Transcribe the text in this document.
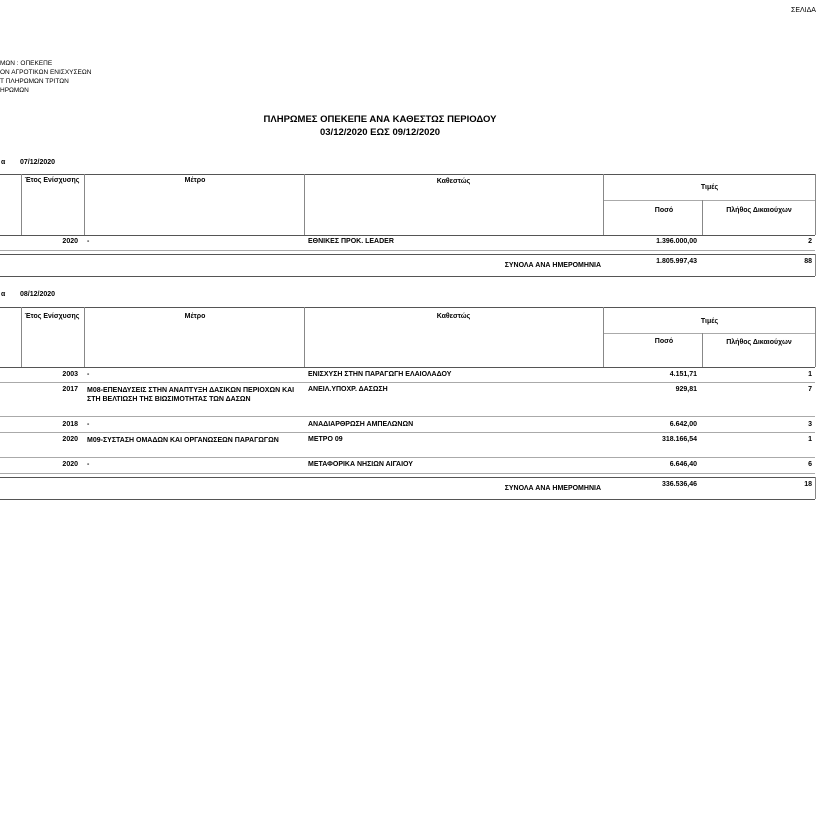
ΣΕΛΙΔΑ
ΜΩΝ : ΟΠΕΚΕΠΕ
ΟΝ ΑΓΡΟΤΙΚΩΝ ΕΝΙΣΧΥΣΕΩΝ
Τ ΠΛΗΡΩΜΩΝ ΤΡΙΤΩΝ
ΗΡΩΜΩΝ
ΠΛΗΡΩΜΕΣ ΟΠΕΚΕΠΕ ΑΝΑ ΚΑΘΕΣΤΩΣ ΠΕΡΙΟΔΟΥ
03/12/2020 ΕΩΣ 09/12/2020
α 07/12/2020
Έτος Ενίσχυσης	Μέτρο	Καθεστώς
Τιμές
Ποσό	Πλήθος Δικαιούχων
2020 -	ΕΘΝΙΚΕΣ ΠΡΟΚ. LEADER	1.396.000,00	2
ΣΥΝΟΛΑ ΑΝΑ ΗΜΕΡΟΜΗΝΙΑ
1.805.997,43	88
α 08/12/2020
Έτος Ενίσχυσης	Μέτρο	Καθεστώς
Τιμές
Ποσό	Πλήθος Δικαιούχων
2003 -	ΕΝΙΣΧΥΣΗ ΣΤΗΝ ΠΑΡΑΓΩΓΗ ΕΛΑΙΟΛΑΔΟΥ	4.151,71	1
2017 Μ08-ΕΠΕΝΔΥΣΕΙΣ ΣΤΗΝ ΑΝΑΠΤΥΞΗ ΔΑΣΙΚΩΝ ΠΕΡΙΟΧΩΝ ΚΑΙ ΣΤΗ ΒΕΛΤΙΩΣΗ ΤΗΣ ΒΙΩΣΙΜΟΤΗΤΑΣ ΤΩΝ ΔΑΣΩΝ
ΑΝΕΙΛ.ΥΠΟΧΡ. ΔΑΣΩΣΗ	929,81	7
2018 -	ΑΝΑΔΙΑΡΘΡΩΣΗ ΑΜΠΕΛΩΝΩΝ	6.642,00	3
2020 Μ09-ΣΥΣΤΑΣΗ ΟΜΑΔΩΝ ΚΑΙ ΟΡΓΑΝΩΣΕΩΝ ΠΑΡΑΓΩΓΩΝ	ΜΕΤΡΟ 09	318.166,54	1
2020 -	ΜΕΤΑΦΟΡΙΚΑ ΝΗΣΙΩΝ ΑΙΓΑΙΟΥ	6.646,40	6
ΣΥΝΟΛΑ ΑΝΑ ΗΜΕΡΟΜΗΝΙΑ
336.536,46	18
